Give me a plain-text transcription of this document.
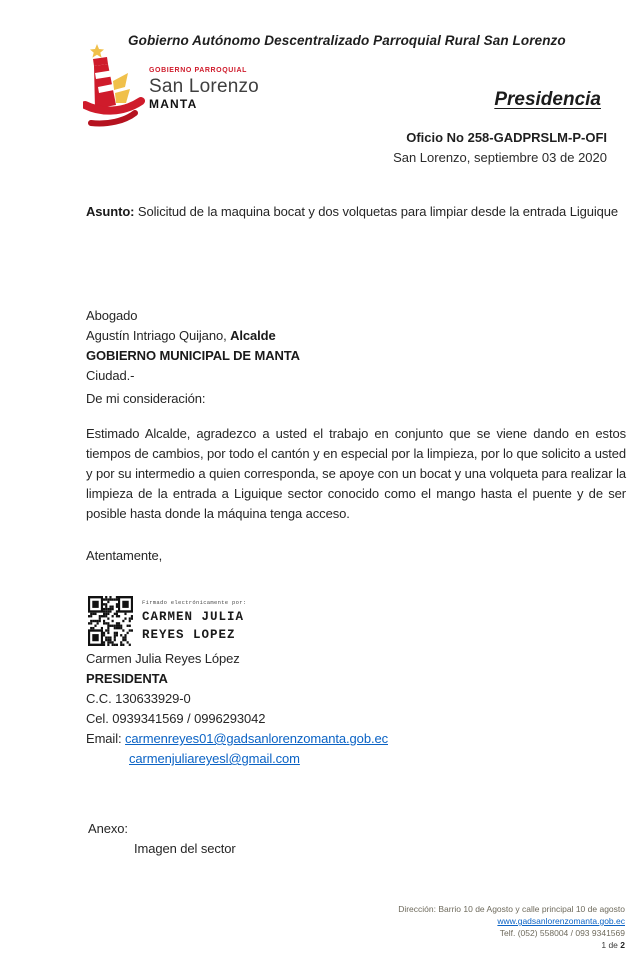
Gobierno Autónomo Descentralizado Parroquial Rural San Lorenzo
GOBIERNO PARROQUIAL
San Lorenzo
MANTA	Presidencia
Oficio No 258-GADPRSLM-P-OFI
San Lorenzo, septiembre 03 de 2020

Asunto: Solicitud de la maquina bocat y dos volquetas para limpiar desde la entrada Liguique

Abogado
Agustín Intriago Quijano, Alcalde
GOBIERNO MUNICIPAL DE MANTA
Ciudad.-

De mi consideración:

Estimado Alcalde, agradezco a usted el trabajo en conjunto que se viene dando en estos tiempos de cambios, por todo el cantón y en especial por la limpieza, por lo que solicito a usted y por su intermedio a quien corresponda, se apoye con un bocat y una volqueta para realizar la limpieza de la entrada a Liguique sector conocido como el mango hasta el puente y de ser posible hasta donde la máquina tenga acceso.

Atentamente,

Firmado electrónicamente por:
CARMEN JULIA
REYES LOPEZ
Carmen Julia Reyes López
PRESIDENTA
C.C. 130633929-0
Cel. 0939341569 / 0996293042
Email: carmenreyes01@gadsanlorenzomanta.gob.ec
carmenjuliareyesl@gmail.com
Anexo:
Imagen del sector
Dirección: Barrio 10 de Agosto y calle principal 10 de agosto
www.gadsanlorenzomanta.gob.ec
Telf. (052) 558004 / 093 9341569
1 de 2
